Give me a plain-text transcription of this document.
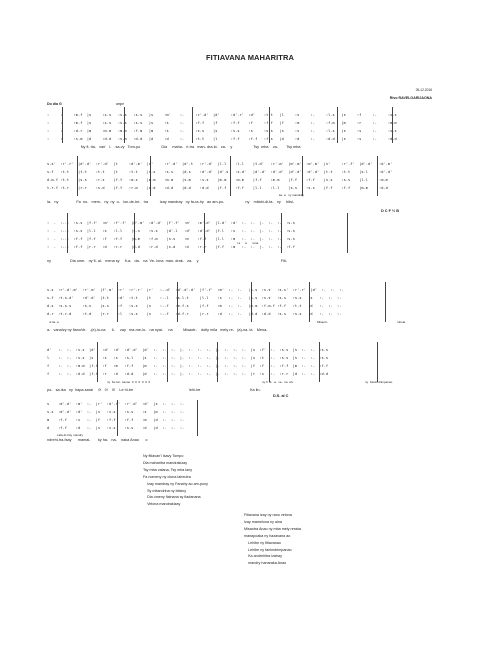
FITIAVANA MAHARITRA
05-12-2016
Rivo RAVELOARIJAONA
Do dia G	ampe
:     :     :m.f  |s     :s.s   :s.s   :s.s   |s     :m'    :-     :r'.d'  |d'     :d'.r'  :d'    :t.t   |l     :s     :-     :l.s   |s     :f     :-     :s.s
:     :     :m.f  |s     :s.s   :s.s   :s.s   |s     :s     :-     :f.f    |f      :f.f    :f     :f.f   |f     :m     :-     :f.m   |m     :r     :-     :m.m
:     :     :d.r  |m     :m.m   :m.m   :f.m   |m     :s     :-     :s.s    |s      :s.s    :s     :s.s   |s     :s     :-     :l.s   |s     :s     :-     :s.s
:     :     :s.m  |d     :d.d   :s.m   :d.d   |d     :d     :-     :t.t    |l      :f.f    :f.f   :f.s   |d     :d     :-     :d.d   |s     :s     :-     :d.d
Ny fi- tia-   van'   i-    sa-vy   Tom-po                    Dia     maha-   ri-tra   man- dra-ki-   za-    y                    Tsy  mba    va-        Tsy mba
s.s'  :r'.r'  |d'.d'  :r'.d'  |t     :d'.m'  |d'     :r'.d'  |d'.t   :r'.d'  |l.l    :l.l    |t.d'   :r'.m'  |m'.m'  :m'.m'  |s'     :r'.f'  |d'.d'   :d'.m'
s.f   :t.t    |t.t    :t.t    |t     :t.t    |s.s    :s.s    |d.s    :d'.d'  |d'.s   :s.d'   |d'.d'  :d'.d'  |d'.d'  :d'.d'  |t.t    :t.t    |s.l     :d'.d'
d.m.f :t.t    |s.s    :r.s    |f.f   :m.s    |m.m    :m.m    |s.m    :s.s    |m.m    :m.m    |f.f    :m.m    |f.f    :f.f    |s.s    :s.s    |l.l     :m.m
t.r.f :t.r    |r.r    :s.d    |f.f   :r.m    |d.d    :d.d    |d.d    :d.d    |f.f    :f.f    |l.l    :l.l    |s.s    :s.s    |f.f    :f.f    |m.m     :d.d
ke- a   ny mandray
la-   ny                 Fa  no-   mem-   ny  ny  o-   lon-de-he-   tra           Izay mandray   ny fa-ra-hy   ao am-po-                    ny    mitahi-di-ta-   ny     bitsi-
D C F ½ B
:  -  :-.:  :s.s  |f.f'  :m'  :f'.f'  |d'.m'  :d'.d'  |f'.f'  :m'   :m'.d'  |l.d'  :d'  :-  :-  |-  :-  :-  :s.s
:  -  :-.:  :s.s  |l.l   :s   :l.l    |s.s    :s.s    |d'.l   :d'   :d'.d'  |f.l   :s   :-  :-  |-  :-  :-  :s.s
:  -  :-.:  :f.f  |f.f   :f   :f.f    |m.m    :f.m    |s.s    :m    :f.f    |l.l   :m   :-  :-  |-  :-  :-  :s.s
:  -  :-.:  :f.f  |r.r   :d   :r.r    |d.d    :r.d    |s.d    :d    :r.r    |f.f   :m   :-  :-  |-  :-  :-  :f.f
l a      a       lona
ny                  Dia ome-   ny fi- ai-   mena sy     fi-a-   da-   na  Ve- lona  man- drak-   za-    y                                                                              Fiti-
s.s  :r'.d'.m'  :r'.m'  |f'.m'  :r'  :r'.r'  |r'   :-.d'  :d'.d'.d'  |f'.f'  :m'  :-  :-   |s.s  :s.s   :s.s'  :r'.r'  |d'  :-  :-  :-
s.f  :t.s.d'    :d'.d'  |t.t    :d'  :t.t    |t    :-.l   :s.l.t     |l.l    :s   :-  :-   |s.s  :s.s   :s.s   :s.s   |s   :-  :-  :-
d.s  :s.s.s     :s.s    |s.s    :f   :s.s    |s    :-.f   :m.f.s     |f.f    :m   :-  :-   |m.m  :f.m.f :f.f   :t.t   |d   :-  :-  :-
d.r  :t.r.d     :t.d    |r.r    :l   :s.s    |s    :-.f   :d.f.r     |r.r    :d   :-  :-   |d.d  :d.d   :s.s   :s.s   |d   :-  :-  :-
ni tia  a	Misaotr-	mbola
a-   vanaIzy ny fianoVe-   -(e)-lo-na      li-     zay   ma-me-lo-   na nyai-     na          Misaotr-    dotiy mila   mely re-   (a)-na- la    Mena-
d'   :-  :-  :s.s  |d'   :d'  :d'  :d'.d'  |d'  :-  :-  :-  |-  :-  :-  :-  |-  :-  :-  :-  |s  :f'  :-  :s.s  |s  :-  :-  :s.s
l    :-  :-  :s.s  |s    :s   :s   :s.l    |s   :-  :-  :-  |-  :-  :-  :-  |-  :-  :-  :-  |s  :t   :-  :s.s  |s  :-  :-  :s.s
f    :-  :-  :m.m  |f.f  :f   :m   :f.f    |m   :-  :-  :-  |-  :-  :-  :-  |-  :-  :-  :-  |f  :f   :-  :f.f  |m  :-  :-  :f.f
f    :-  :-  :d.d  |f.f  :r   :d   :d.d    |d   :-  :-  :-  |-  :-  :-  :-  |-  :-  :-  :-  |r  :s   :-  :r.r  |d  :-  :-  :d.d
ny  Fe-lon  sanoe  0  0  0  0  0  0	ny fi  tii-  a-  ve-  na  ah-	ny  Fanimdrimpanao
po-   sa-ika   ny  hapa-sarai     0!   0!    0!    Le hi-be                                                     lehi-be                                               Ka lin-
D.S. al C
s    :d'.d'  :m'  :-  |r'  :d'.r'  :r'.d'  :d'  |s  :-  :-  :-
s.s  :d'.d'  :d'  :-  |s   :s.s    :s.s    :s   |m  :-  :-  :-
m    :f.f    :s   :-  |f   :f.f    :f.f    :m   |d  :-  :-  :-
d    :f.f    :d   :-  |s   :s.s    :s.s    :d   |d  :-  :-  :-
Lafa-fo-hay mandry
ndrehi-tra-fsay      mamai-       ky ha-   na-    naka Anao      o
Ny fitiavan'i Isavy Tompo
Dia maharitra mandrakizay
Tsy mba vaiana, Tsy mba lany
Fa nomeny ny olona laheutra
Izay mandray ny Fanahy ao am-pony
Sy mitandrina ny bitsiny
Dia omeny fiainana sy fiadanana
Velona mandrakizay
Fitiavana izay ny rano velona
Izay mamelona ny aina
Misaotra Anao ny mba mely reraka
manapoaka ny hazavana ao
Lehibe ny fitiavanao
Lehibe ny fanimdrimpanao
Ka andrehitra izahay
mandry hanaraka Anao
